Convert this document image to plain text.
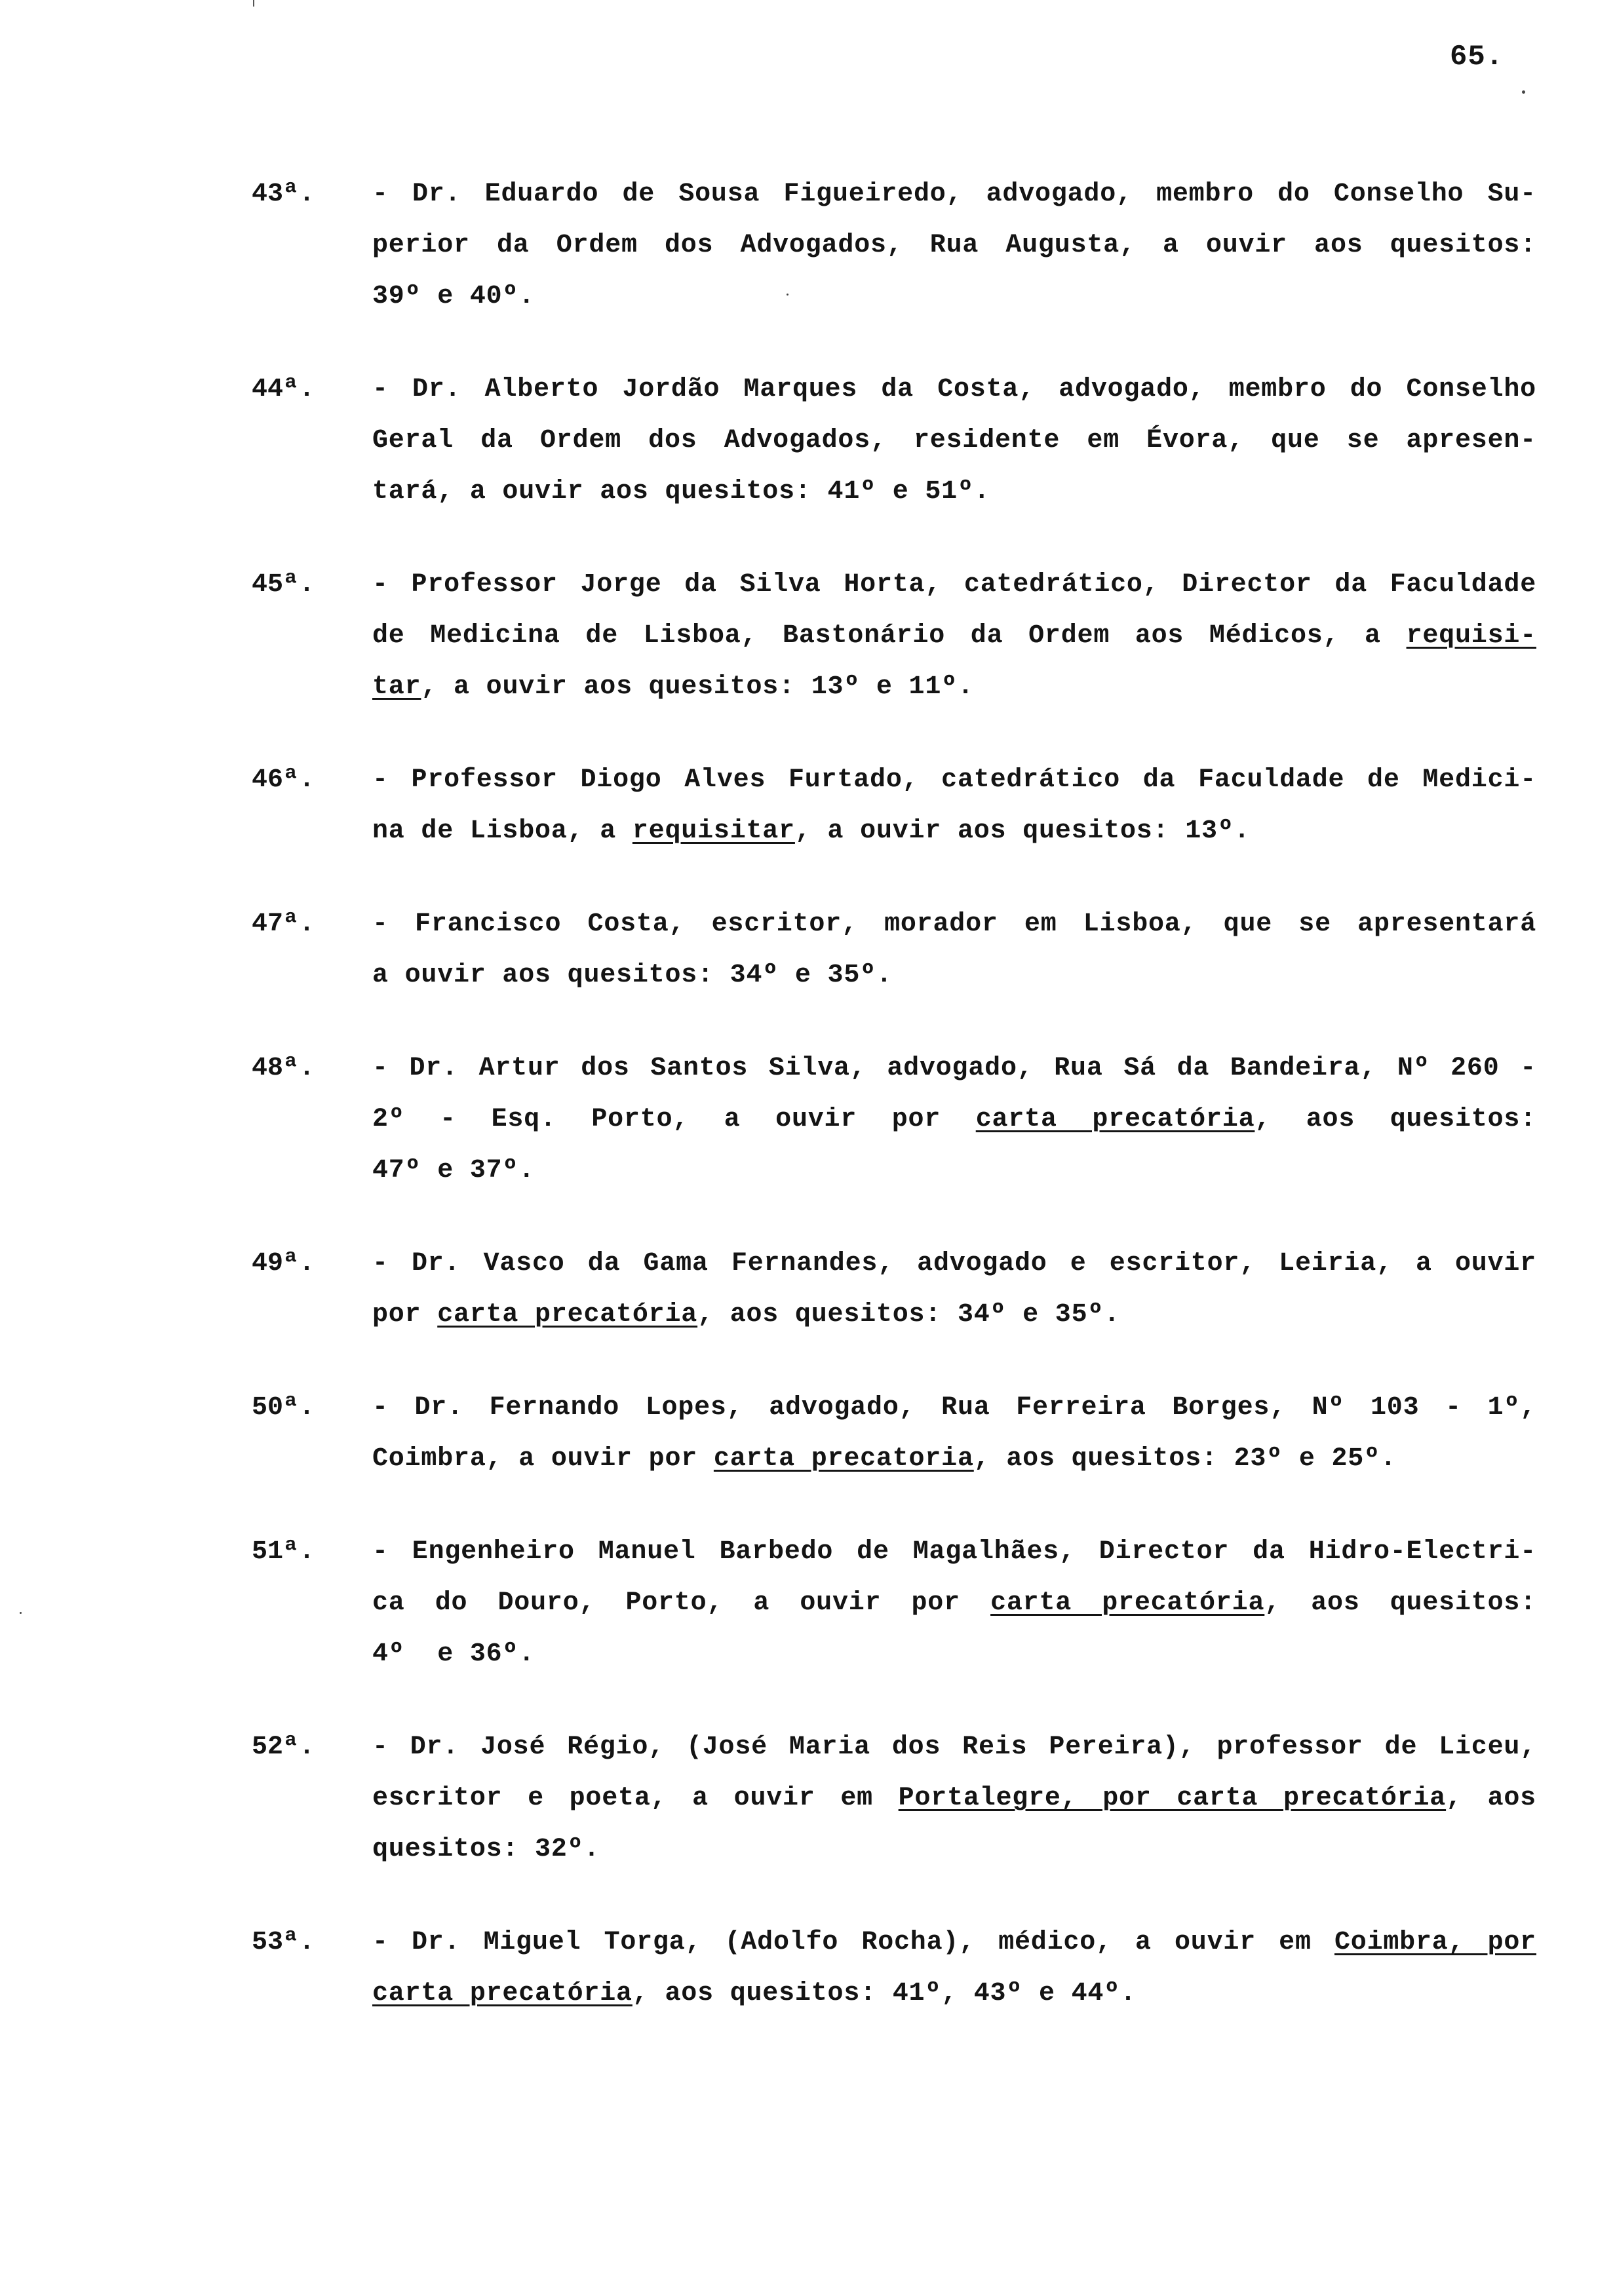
65.
43ª.	- Dr. Eduardo de Sousa Figueiredo, advogado, membro do Conselho Su-
perior da Ordem dos Advogados, Rua Augusta, a ouvir aos quesitos:
39º e 40º.
44ª.	- Dr. Alberto Jordão Marques da Costa, advogado, membro do Conselho
Geral da Ordem dos Advogados, residente em Évora, que se apresen-
tará, a ouvir aos quesitos: 41º e 51º.
45ª.	- Professor Jorge da Silva Horta, catedrático, Director da Faculdade
de Medicina de Lisboa, Bastonário da Ordem aos Médicos, a requisi-
tar, a ouvir aos quesitos: 13º e 11º.
46ª.	- Professor Diogo Alves Furtado, catedrático da Faculdade de Medici-
na de Lisboa, a requisitar, a ouvir aos quesitos: 13º.
47ª.	- Francisco Costa, escritor, morador em Lisboa, que se apresentará
a ouvir aos quesitos: 34º e 35º.
48ª.	- Dr. Artur dos Santos Silva, advogado, Rua Sá da Bandeira, Nº 260 -
2º - Esq. Porto, a ouvir por carta precatória, aos quesitos:
47º e 37º.
49ª.	- Dr. Vasco da Gama Fernandes, advogado e escritor, Leiria, a ouvir
por carta precatória, aos quesitos: 34º e 35º.
50ª.	- Dr. Fernando Lopes, advogado, Rua Ferreira Borges, Nº 103 - 1º,
Coimbra, a ouvir por carta precatoria, aos quesitos: 23º e 25º.
51ª.	- Engenheiro Manuel Barbedo de Magalhães, Director da Hidro-Electri-
ca do Douro, Porto, a ouvir por carta precatória, aos quesitos:
4º  e 36º.
52ª.	- Dr. José Régio, (José Maria dos Reis Pereira), professor de Liceu,
escritor e poeta, a ouvir em Portalegre, por carta precatória, aos
quesitos: 32º.
53ª.	- Dr. Miguel Torga, (Adolfo Rocha), médico, a ouvir em Coimbra, por
carta precatória, aos quesitos: 41º, 43º e 44º.
